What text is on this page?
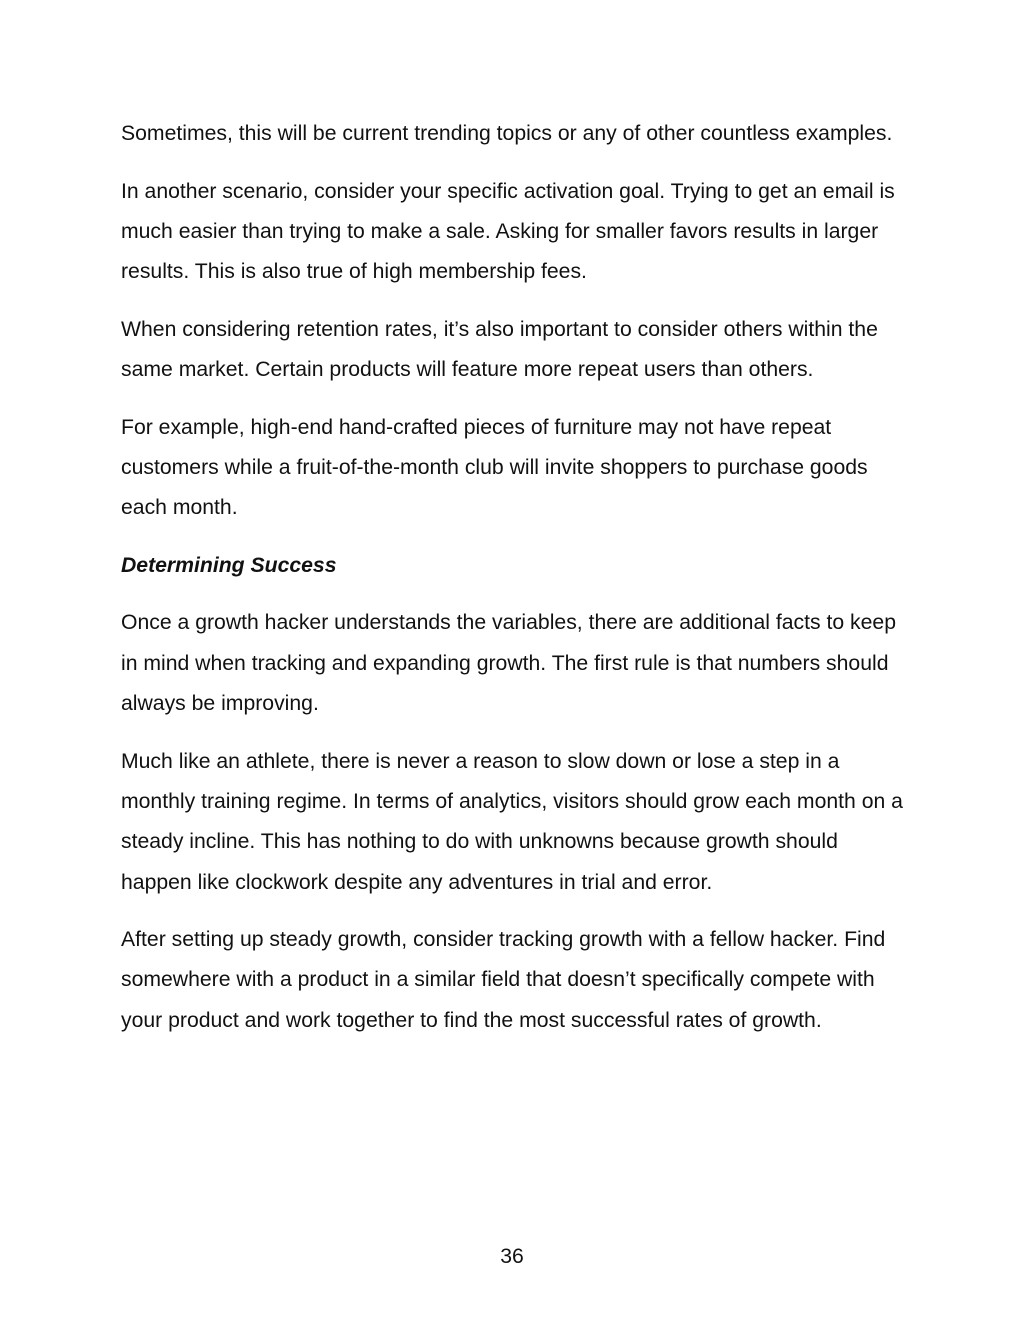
Sometimes, this will be current trending topics or any of other countless examples.

In another scenario, consider your specific activation goal. Trying to get an email is much easier than trying to make a sale. Asking for smaller favors results in larger results. This is also true of high membership fees.

When considering retention rates, it’s also important to consider others within the same market. Certain products will feature more repeat users than others.

For example, high-end hand-crafted pieces of furniture may not have repeat customers while a fruit-of-the-month club will invite shoppers to purchase goods each month.

Determining Success

Once a growth hacker understands the variables, there are additional facts to keep in mind when tracking and expanding growth. The first rule is that numbers should always be improving.

Much like an athlete, there is never a reason to slow down or lose a step in a monthly training regime. In terms of analytics, visitors should grow each month on a steady incline. This has nothing to do with unknowns because growth should happen like clockwork despite any adventures in trial and error.

After setting up steady growth, consider tracking growth with a fellow hacker. Find somewhere with a product in a similar field that doesn’t specifically compete with your product and work together to find the most successful rates of growth.

36
